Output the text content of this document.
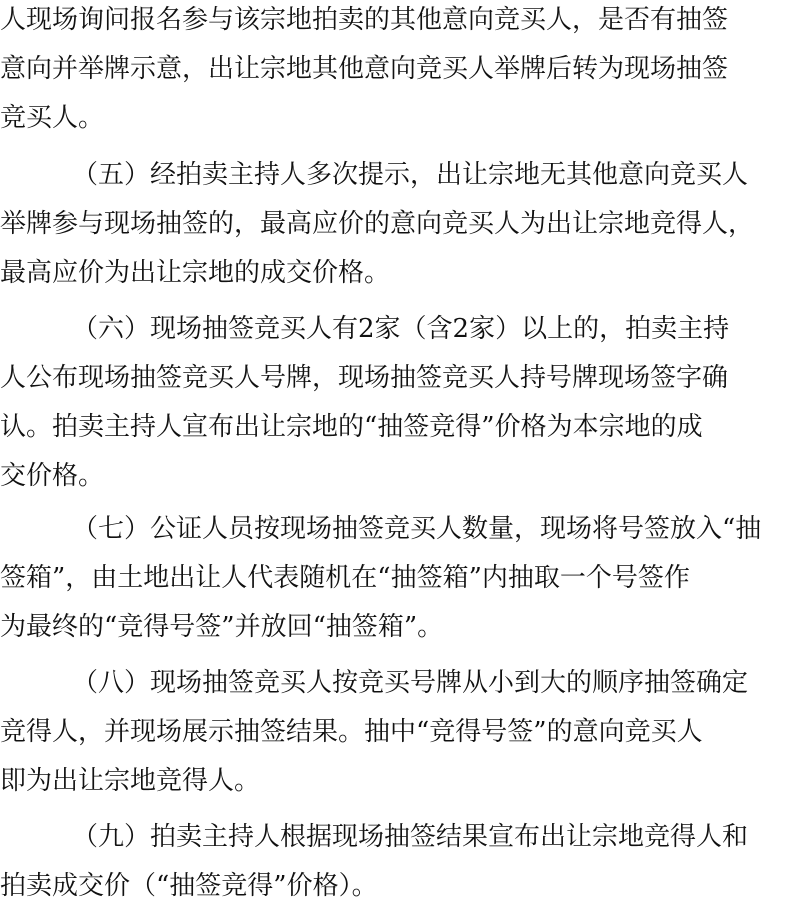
人现场询问报名参与该宗地拍卖的其他意向竞买人，是否有抽签
意向并举牌示意，出让宗地其他意向竞买人举牌后转为现场抽签
竞买人。
（五）经拍卖主持人多次提示，出让宗地无其他意向竞买人
举牌参与现场抽签的，最高应价的意向竞买人为出让宗地竞得人，
最高应价为出让宗地的成交价格。
（六）现场抽签竞买人有2家（含2家）以上的，拍卖主持
人公布现场抽签竞买人号牌，现场抽签竞买人持号牌现场签字确
认。拍卖主持人宣布出让宗地的“抽签竞得”价格为本宗地的成
交价格。
（七）公证人员按现场抽签竞买人数量，现场将号签放入“抽
签箱”，由土地出让人代表随机在“抽签箱”内抽取一个号签作
为最终的“竞得号签”并放回“抽签箱”。
（八）现场抽签竞买人按竞买号牌从小到大的顺序抽签确定
竞得人，并现场展示抽签结果。抽中“竞得号签”的意向竞买人
即为出让宗地竞得人。
（九）拍卖主持人根据现场抽签结果宣布出让宗地竞得人和
拍卖成交价（“抽签竞得”价格）。
